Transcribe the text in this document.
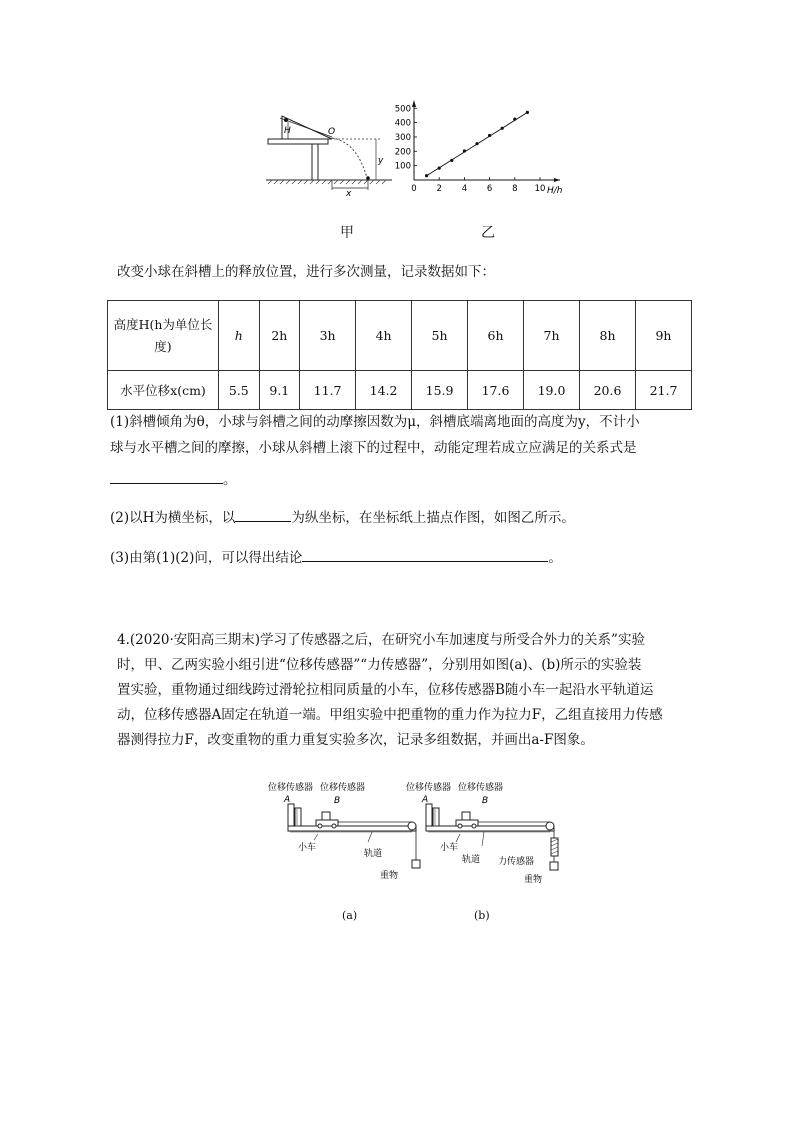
H	O
y
x
500
400
300
200
100
0 2 4 6 8 10 H/h
甲	乙
改变小球在斜槽上的释放位置，进行多次测量，记录数据如下：
高度H(h为单位长度)	h	2h	3h	4h	5h	6h	7h	8h	9h
水平位移x(cm)	5.5	9.1	11.7	14.2	15.9	17.6	19.0	20.6	21.7
(1)斜槽倾角为θ，小球与斜槽之间的动摩擦因数为μ，斜槽底端离地面的高度为y，不计小
球与水平槽之间的摩擦，小球从斜槽上滚下的过程中，动能定理若成立应满足的关系式是
。
(2)以H为横坐标，以	为纵坐标，在坐标纸上描点作图，如图乙所示。
(3)由第(1)(2)问，可以得出结论	。
4.(2020·安阳高三期末)学习了传感器之后，在研究小车加速度与所受合外力的关系”实验
时，甲、乙两实验小组引进“位移传感器”“力传感器”，分别用如图(a)、(b)所示的实验装
置实验，重物通过细线跨过滑轮拉相同质量的小车，位移传感器B随小车一起沿水平轨道运
动，位移传感器A固定在轨道一端。甲组实验中把重物的重力作为拉力F，乙组直接用力传感
器测得拉力F，改变重物的重力重复实验多次，记录多组数据，并画出a-F图象。
位移传感器 位移传感器
A	B
小车
轨道
重物
位移传感器 位移传感器
A	B
小车
轨道 力传感器
重物
(a)	(b)
